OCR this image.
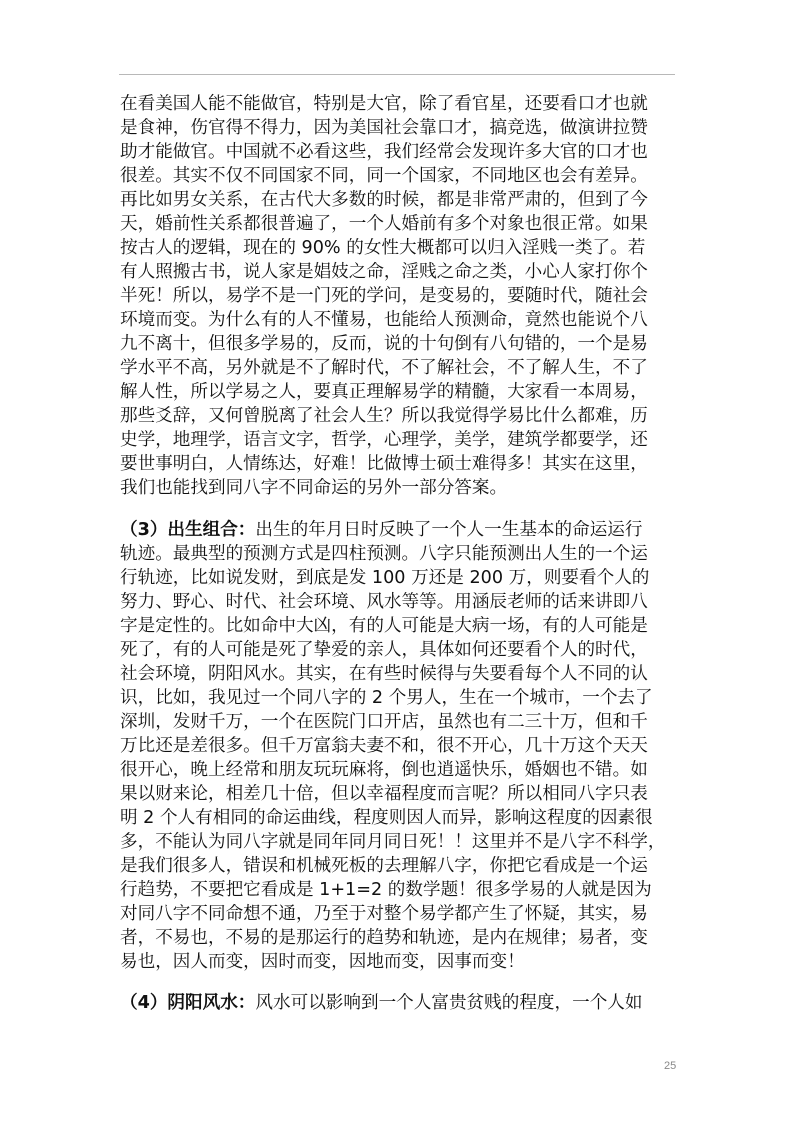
在看美国人能不能做官，特别是大官，除了看官星，还要看口才也就
是食神，伤官得不得力，因为美国社会靠口才，搞竞选，做演讲拉赞
助才能做官。中国就不必看这些，我们经常会发现许多大官的口才也
很差。其实不仅不同国家不同，同一个国家，不同地区也会有差异。
再比如男女关系，在古代大多数的时候，都是非常严肃的，但到了今
天，婚前性关系都很普遍了，一个人婚前有多个对象也很正常。如果
按古人的逻辑，现在的 90% 的女性大概都可以归入淫贱一类了。若
有人照搬古书，说人家是娼妓之命，淫贱之命之类，小心人家打你个
半死！所以，易学不是一门死的学问，是变易的，要随时代，随社会
环境而变。为什么有的人不懂易，也能给人预测命，竟然也能说个八
九不离十，但很多学易的，反而，说的十句倒有八句错的，一个是易
学水平不高，另外就是不了解时代，不了解社会，不了解人生，不了
解人性，所以学易之人，要真正理解易学的精髓，大家看一本周易，
那些爻辞，又何曾脱离了社会人生？所以我觉得学易比什么都难，历
史学，地理学，语言文字，哲学，心理学，美学，建筑学都要学，还
要世事明白，人情练达，好难！比做博士硕士难得多！其实在这里，
我们也能找到同八字不同命运的另外一部分答案。
（3）出生组合：出生的年月日时反映了一个人一生基本的命运运行
轨迹。最典型的预测方式是四柱预测。八字只能预测出人生的一个运
行轨迹，比如说发财，到底是发 100 万还是 200 万，则要看个人的
努力、野心、时代、社会环境、风水等等。用涵辰老师的话来讲即八
字是定性的。比如命中大凶，有的人可能是大病一场，有的人可能是
死了，有的人可能是死了挚爱的亲人，具体如何还要看个人的时代，
社会环境，阴阳风水。其实，在有些时候得与失要看每个人不同的认
识，比如，我见过一个同八字的 2 个男人，生在一个城市，一个去了
深圳，发财千万，一个在医院门口开店，虽然也有二三十万，但和千
万比还是差很多。但千万富翁夫妻不和，很不开心，几十万这个天天
很开心，晚上经常和朋友玩玩麻将，倒也逍遥快乐，婚姻也不错。如
果以财来论，相差几十倍，但以幸福程度而言呢？所以相同八字只表
明 2 个人有相同的命运曲线，程度则因人而异，影响这程度的因素很
多，不能认为同八字就是同年同月同日死！！这里并不是八字不科学，
是我们很多人，错误和机械死板的去理解八字，你把它看成是一个运
行趋势，不要把它看成是 1+1=2 的数学题！很多学易的人就是因为
对同八字不同命想不通，乃至于对整个易学都产生了怀疑，其实，易
者，不易也，不易的是那运行的趋势和轨迹，是内在规律；易者，变
易也，因人而变，因时而变，因地而变，因事而变！
（4）阴阳风水：风水可以影响到一个人富贵贫贱的程度，一个人如
25
